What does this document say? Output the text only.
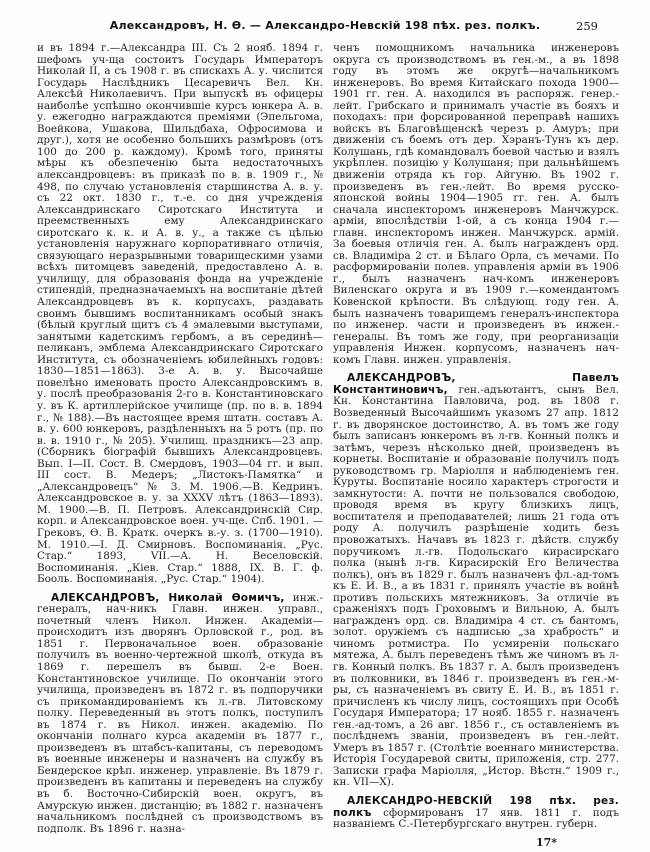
Александровъ, Н. Ѳ. — Александро-Невскій 198 пѣх. рез. полкъ.	259

и въ 1894 г.—Александра III. Съ 2 нояб. 1894 г. шефомъ уч-ща состоитъ Государь Императоръ Николай II, а съ 1908 г. въ спискахъ А. у. числится Государь Наслѣдникъ Цесаревичъ Вел. Кн. Алексѣй Николаевичъ. При выпускѣ въ офицеры наиболѣе успѣшно окончившіе курсъ юнкера А. в. у. ежегодно награждаются преміями (Эпельгома, Воейкова, Ушакова, Шильдбаха, Офросимова и друг.), хотя не особенно большихъ размѣровъ (отъ 100 до 200 р. каждому). Кромѣ того, приняты мѣры къ обезпеченію быта недостаточныхъ александровцевъ: въ приказѣ по в. в. 1909 г., № 498, по случаю установленія старшинства А. в. у. съ 22 окт. 1830 г., т.-е. со дня учрежденія Александринскаго Сиротскаго Института и преемственныхъ ему Александринскаго сиротскаго к. к. и А. в. у., а также съ цѣлью установленія наружнаго корпоративнаго отличія, связующаго неразрывными товарищескими узами всѣхъ питомцевъ заведеній, предоставлено А. в. училищу, для образованія фонда на учрежденіе стипендій, предназначаемыхъ на воспитаніе дѣтей Александровцевъ въ к. корпусахъ, раздавать своимъ бывшимъ воспитанникамъ особый знакъ (бѣлый круглый щитъ съ 4 эмалевыми выступами, занятыми кадетскимъ гербомъ, а въ серединѣ—пеликанъ, эмблема Александринскаго Сиротскаго Института, съ обозначеніемъ юбилейныхъ годовъ: 1830—1851—1863). 3-е А. в. у. Высочайше повелѣно именовать просто Александровскимъ в. у. послѣ преобразованія 2-го в. Константиновскаго у. въ К. артиллерійское училище (пр. по в. в. 1894 г., № 188).—Въ настоящее время штатн. составъ А. в. у. 600 юнкеровъ, раздѣленныхъ на 5 ротъ (пр. по в. в. 1910 г., № 205). Училищ. праздникъ—23 апр. (Сборникъ біографій бывшихъ Александровцевъ. Вып. I—II. Сост. В. Смердовъ, 1903—04 гг. и вып. III сост. В. Медеръ; „Листокъ-Памятка“ и „Александровецъ“ № 3. М. 1906.—В. Кедринъ. Александровское в. у. за XXXV лѣтъ (1863—1893). М. 1900.—В. П. Петровъ. Александринскій Сир. корп. и Александровское воен. уч-ще. Спб. 1901. — Грековъ, Ѳ. В. Кратк. очеркъ в.-у. з. (1700—1910). М. 1910.—І. Д. Смирновъ. Воспоминанія. „Рус. Стар.“ 1893, VII.—А. Н. Веселовскій. Воспоминанія. „Кіев. Стар.“ 1888, IX. В. Г. ф. Бооль. Воспоминанія. „Рус. Стар.“ 1904).

АЛЕКСАНДРОВЪ, Николай Ѳомичъ, инж.-генералъ, нач-никъ Главн. инжен. управл., почетный членъ Никол. Инжен. Академіи—происходитъ изъ дворянъ Орловской г., род. въ 1851 г. Первоначальное воен. образованіе получилъ въ военно-чертежной школѣ, откуда въ 1869 г. перешелъ въ бывш. 2-е Воен. Константиновское училище. По окончаніи этого училища, произведенъ въ 1872 г. въ подпоручики съ прикомандированіемъ къ л.-гв. Литовскому полку. Переведенный въ этотъ полкъ, поступилъ въ 1874 г. въ Никол. инжен. академію. По окончаніи полнаго курса академіи въ 1877 г., произведенъ въ штабсъ-капитаны, съ переводомъ въ военные инженеры и назначенъ на службу въ Бендерское крѣп. инженер. управленіе. Въ 1879 г. произведенъ въ капитаны и переведенъ на службу въ б. Восточно-Сибирскій воен. округъ, въ Амурскую инжен. дистанцію; въ 1882 г. назначенъ начальникомъ послѣдней съ производствомъ въ подполк. Въ 1896 г. назна-

ченъ помощникомъ начальника инженеровъ округа съ производствомъ въ ген.-м., а въ 1898 году въ этомъ же округѣ—начальникомъ инженеровъ. Во время Китайскаго похода 1900—1901 гг. ген. А. находился въ распоряж. генер.-лейт. Грибскаго и принималъ участіе въ бояхъ и походахъ: при форсированной переправѣ нашихъ войскъ въ Благовѣщенскѣ черезъ р. Амуръ; при движеніи съ боемъ отъ дер. Хэранъ-Тунъ къ дер. Колушань, гдѣ командовалъ боевой частью и взялъ укрѣплен. позицію у Колушаня; при дальнѣйшемъ движеніи отряда къ гор. Айгуню. Въ 1902 г. произведенъ въ ген.-лейт. Во время русско-японской войны 1904—1905 гг. ген. А. былъ сначала инспекторомъ инженеровъ Манчжурск. арміи, впослѣдствіи 1-ой, а съ конца 1904 г.—главн. инспекторомъ инжен. Манчжурск. армій. За боевыя отличія ген. А. былъ награжденъ орд. св. Владиміра 2 ст. и Бѣлаго Орла, съ мечами. По расформированіи полев. управленія арміи въ 1906 г., былъ назначенъ нач-комъ инженеровъ Виленскаго округа и въ 1909 г.—комендантомъ Ковенской крѣпости. Въ слѣдующ. году ген. А. былъ назначенъ товарищемъ генералъ-инспектора по инженер. части и произведенъ въ инжен.-генералы. Въ томъ же году, при реорганизаціи управленія Инжен. корпусомъ, назначенъ нач-комъ Главн. инжен. управленія.

АЛЕКСАНДРОВЪ, Павелъ Константиновичъ, ген.-адъютантъ, сынъ Вел. Кн. Константина Павловича, род. въ 1808 г. Возведенный Высочайшимъ указомъ 27 апр. 1812 г. въ дворянское достоинство, А. въ томъ же году былъ записанъ юнкеромъ въ л-гв. Конный полкъ и затѣмъ, черезъ нѣсколько дней, произведенъ въ корнеты. Воспитаніе и образованіе получилъ подъ руководствомъ гр. Маріолля и наблюденіемъ ген. Куруты. Воспитаніе носило характеръ строгости и замкнутости: А. почти не пользовался свободою, проводя время въ кругу близкихъ лицъ, воспитателя и преподавателей; лишь 21 года отъ роду А. получилъ разрѣшеніе ходить безъ провожатыхъ. Начавъ въ 1823 г. дѣйств. службу поручикомъ л.-гв. Подольскаго кирасирскаго полка (нынѣ л-гв. Кирасирскій Его Величества полкъ), онъ въ 1829 г. былъ назначенъ фл.-ад-томъ къ Е. И. В., а въ 1831 г. принялъ участіе въ войнѣ противъ польскихъ мятежниковъ. За отличіе въ сраженіяхъ подъ Гроховымъ и Вильною, А. былъ награжденъ орд. св. Владиміра 4 ст. съ бантомъ, золот. оружіемъ съ надписью „за храбрость“ и чиномъ ротмистра. По усмиреніи польскаго мятежа, А. былъ переведенъ тѣмъ же чиномъ въ л-гв. Конный полкъ. Въ 1837 г. А. былъ произведенъ въ полковники, въ 1846 г. произведенъ въ ген.-м-ры, съ назначеніемъ въ свиту Е. И. В., въ 1851 г. причисленъ къ числу лицъ, состоящихъ при Особѣ Государя Императора; 17 нояб. 1855 г. назначенъ ген.-ад-томъ, а 26 авг. 1856 г., съ оставленіемъ въ послѣднемъ званіи, произведенъ въ ген.-лейт. Умеръ въ 1857 г. (Столѣтіе военнаго министерства. Исторія Государевой свиты, приложенія, стр. 277. Записки графа Маріолля, „Истор. Вѣстн.“ 1909 г., кн. VII—X).

АЛЕКСАНДРО-НЕВСКІЙ 198 пѣх. рез. полкъ сформированъ 17 янв. 1811 г. подъ названіемъ С.-Петербургскаго внутрен. губерн.

17*
